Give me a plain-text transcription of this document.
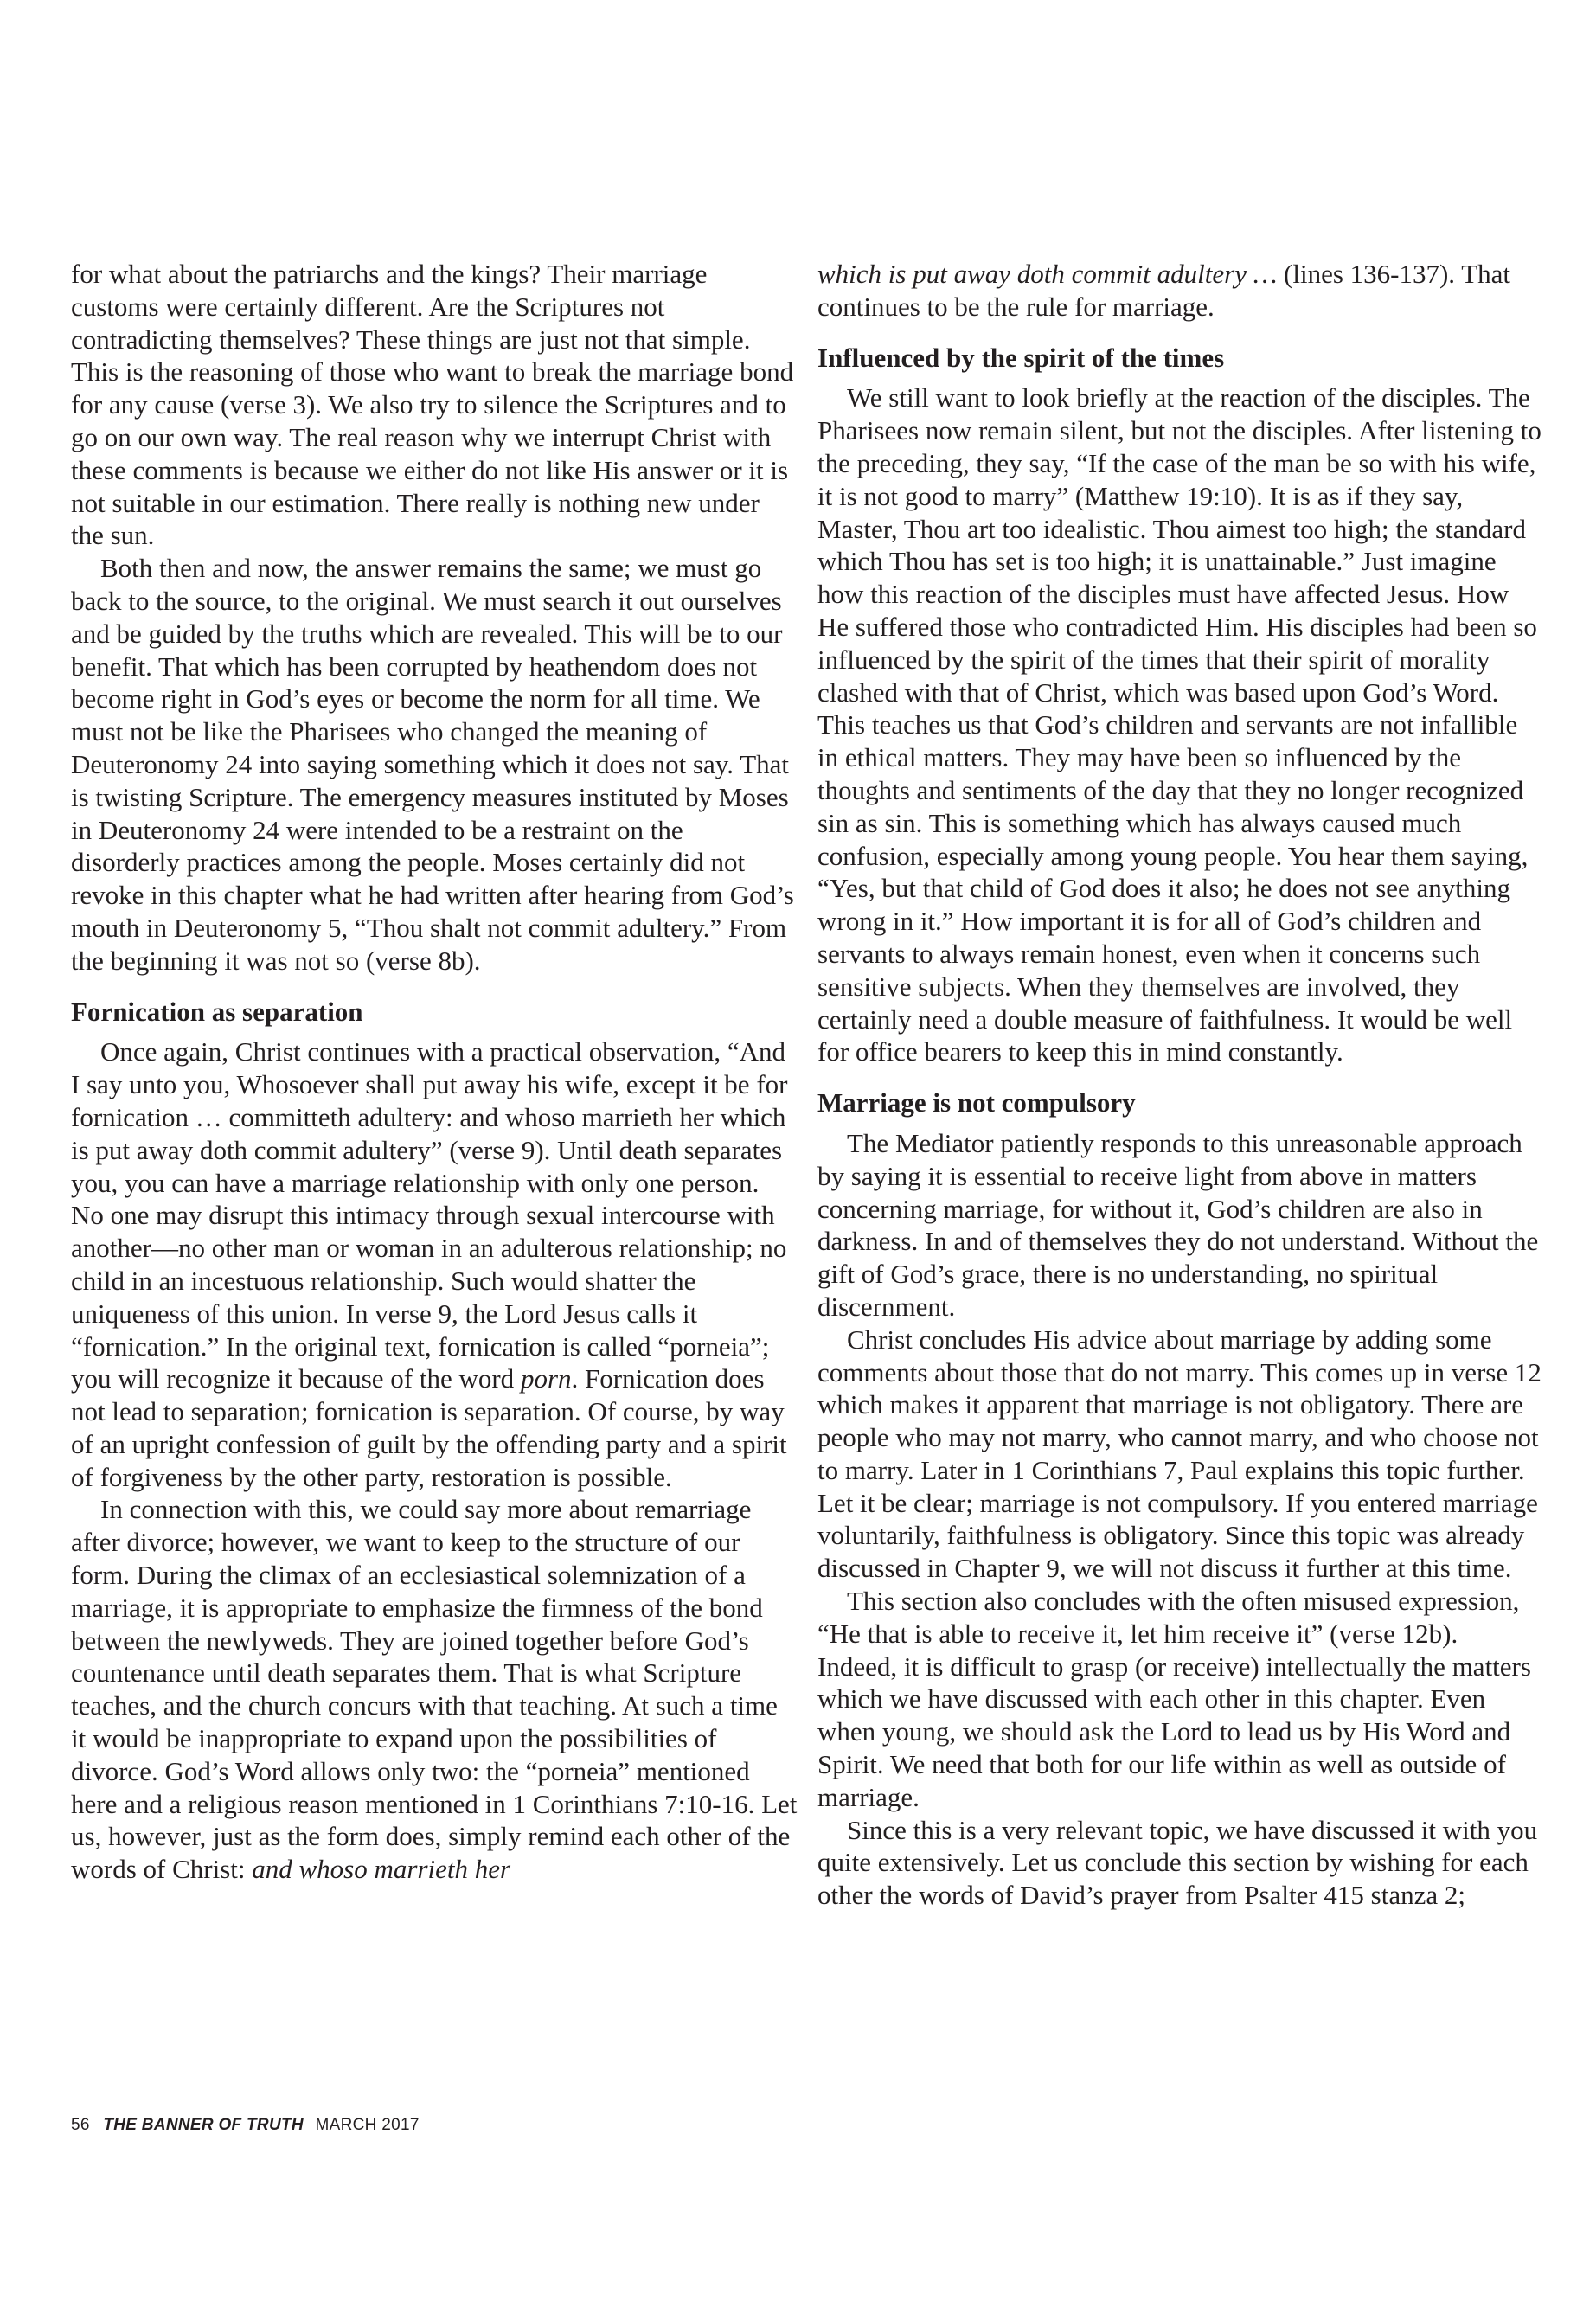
for what about the patriarchs and the kings? Their marriage customs were certainly different. Are the Scriptures not contradicting themselves? These things are just not that simple. This is the reasoning of those who want to break the marriage bond for any cause (verse 3). We also try to silence the Scriptures and to go on our own way. The real reason why we interrupt Christ with these comments is because we either do not like His answer or it is not suitable in our estimation. There really is nothing new under the sun.

Both then and now, the answer remains the same; we must go back to the source, to the original. We must search it out ourselves and be guided by the truths which are revealed. This will be to our benefit. That which has been corrupted by heathendom does not become right in God’s eyes or become the norm for all time. We must not be like the Pharisees who changed the meaning of Deuteronomy 24 into saying something which it does not say. That is twisting Scripture. The emergency measures instituted by Moses in Deuteronomy 24 were intended to be a restraint on the disorderly practices among the people. Moses certainly did not revoke in this chapter what he had written after hearing from God’s mouth in Deuteronomy 5, “Thou shalt not commit adultery.” From the beginning it was not so (verse 8b).

Fornication as separation

Once again, Christ continues with a practical observation, “And I say unto you, Whosoever shall put away his wife, except it be for fornication … committeth adultery: and whoso marrieth her which is put away doth commit adultery” (verse 9). Until death separates you, you can have a marriage relationship with only one person. No one may disrupt this intimacy through sexual intercourse with another—no other man or woman in an adulterous relationship; no child in an incestuous relationship. Such would shatter the uniqueness of this union. In verse 9, the Lord Jesus calls it “fornication.” In the original text, fornication is called “porneia”; you will recognize it because of the word porn. Fornication does not lead to separation; fornication is separation. Of course, by way of an upright confession of guilt by the offending party and a spirit of forgiveness by the other party, restoration is possible.

In connection with this, we could say more about remarriage after divorce; however, we want to keep to the structure of our form. During the climax of an ecclesiastical solemnization of a marriage, it is appropriate to emphasize the firmness of the bond between the newlyweds. They are joined together before God’s countenance until death separates them. That is what Scripture teaches, and the church concurs with that teaching. At such a time it would be inappropriate to expand upon the possibilities of divorce. God’s Word allows only two: the “porneia” mentioned here and a religious reason mentioned in 1 Corinthians 7:10-16. Let us, however, just as the form does, simply remind each other of the words of Christ: and whoso marrieth her

which is put away doth commit adultery … (lines 136-137). That continues to be the rule for marriage.

Influenced by the spirit of the times

We still want to look briefly at the reaction of the disciples. The Pharisees now remain silent, but not the disciples. After listening to the preceding, they say, “If the case of the man be so with his wife, it is not good to marry” (Matthew 19:10). It is as if they say, Master, Thou art too idealistic. Thou aimest too high; the standard which Thou has set is too high; it is unattainable.” Just imagine how this reaction of the disciples must have affected Jesus. How He suffered those who contradicted Him. His disciples had been so influenced by the spirit of the times that their spirit of morality clashed with that of Christ, which was based upon God’s Word. This teaches us that God’s children and servants are not infallible in ethical matters. They may have been so influenced by the thoughts and sentiments of the day that they no longer recognized sin as sin. This is something which has always caused much confusion, especially among young people. You hear them saying, “Yes, but that child of God does it also; he does not see anything wrong in it.” How important it is for all of God’s children and servants to always remain honest, even when it concerns such sensitive subjects. When they themselves are involved, they certainly need a double measure of faithfulness. It would be well for office bearers to keep this in mind constantly.

Marriage is not compulsory

The Mediator patiently responds to this unreasonable approach by saying it is essential to receive light from above in matters concerning marriage, for without it, God’s children are also in darkness. In and of themselves they do not understand. Without the gift of God’s grace, there is no understanding, no spiritual discernment.

Christ concludes His advice about marriage by adding some comments about those that do not marry. This comes up in verse 12 which makes it apparent that marriage is not obligatory. There are people who may not marry, who cannot marry, and who choose not to marry. Later in 1 Corinthians 7, Paul explains this topic further. Let it be clear; marriage is not compulsory. If you entered marriage voluntarily, faithfulness is obligatory. Since this topic was already discussed in Chapter 9, we will not discuss it further at this time.

This section also concludes with the often misused expression, “He that is able to receive it, let him receive it” (verse 12b). Indeed, it is difficult to grasp (or receive) intellectually the matters which we have discussed with each other in this chapter. Even when young, we should ask the Lord to lead us by His Word and Spirit. We need that both for our life within as well as outside of marriage.

Since this is a very relevant topic, we have discussed it with you quite extensively. Let us conclude this section by wishing for each other the words of David’s prayer from Psalter 415 stanza 2;

56 THE BANNER OF TRUTH MARCH 2017
